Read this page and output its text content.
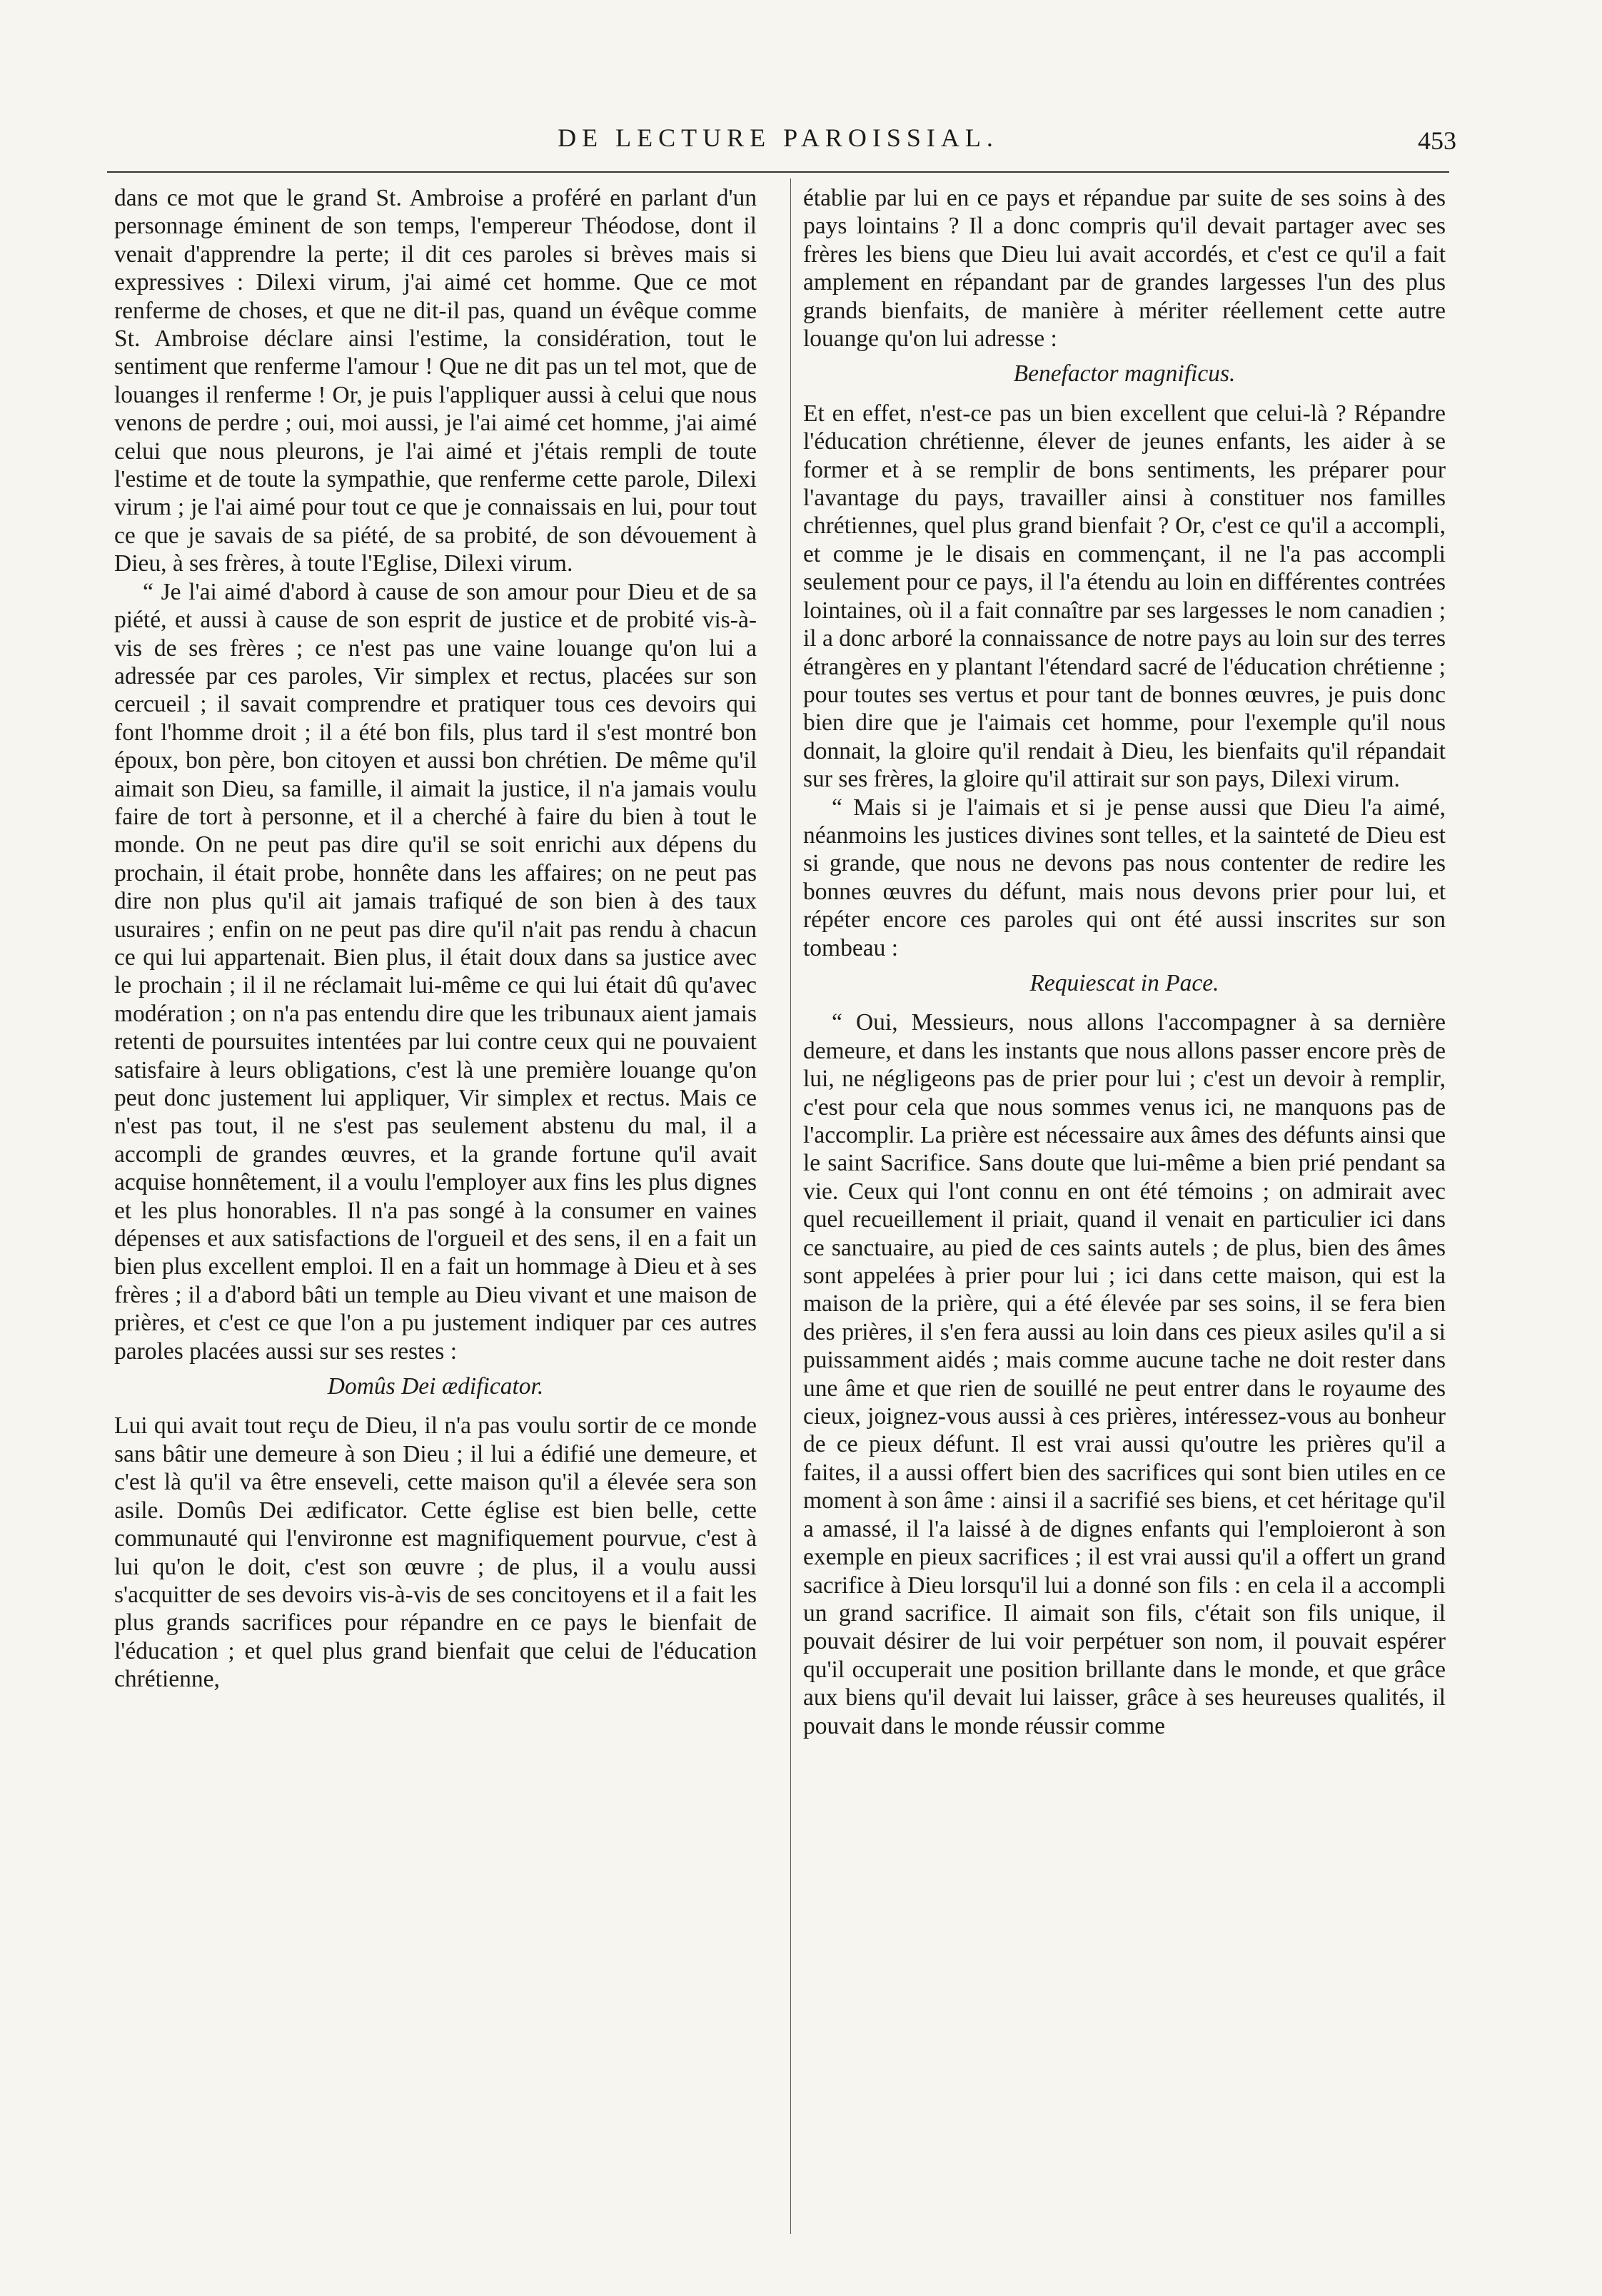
DE LECTURE PAROISSIAL.	453

dans ce mot que le grand St. Ambroise a proféré en parlant d'un personnage éminent de son temps, l'empereur Théodose, dont il venait d'apprendre la perte; il dit ces paroles si brèves mais si expressives : Dilexi virum, j'ai aimé cet homme. Que ce mot renferme de choses, et que ne dit-il pas, quand un évêque comme St. Ambroise déclare ainsi l'estime, la considération, tout le sentiment que renferme l'amour ! Que ne dit pas un tel mot, que de louanges il renferme ! Or, je puis l'appliquer aussi à celui que nous venons de perdre ; oui, moi aussi, je l'ai aimé cet homme, j'ai aimé celui que nous pleurons, je l'ai aimé et j'étais rempli de toute l'estime et de toute la sympathie, que renferme cette parole, Dilexi virum ; je l'ai aimé pour tout ce que je connaissais en lui, pour tout ce que je savais de sa piété, de sa probité, de son dévouement à Dieu, à ses frères, à toute l'Eglise, Dilexi virum.

“ Je l'ai aimé d'abord à cause de son amour pour Dieu et de sa piété, et aussi à cause de son esprit de justice et de probité vis-à-vis de ses frères ; ce n'est pas une vaine louange qu'on lui a adressée par ces paroles, Vir simplex et rectus, placées sur son cercueil ; il savait comprendre et pratiquer tous ces devoirs qui font l'homme droit ; il a été bon fils, plus tard il s'est montré bon époux, bon père, bon citoyen et aussi bon chrétien. De même qu'il aimait son Dieu, sa famille, il aimait la justice, il n'a jamais voulu faire de tort à personne, et il a cherché à faire du bien à tout le monde. On ne peut pas dire qu'il se soit enrichi aux dépens du prochain, il était probe, honnête dans les affaires; on ne peut pas dire non plus qu'il ait jamais trafiqué de son bien à des taux usuraires ; enfin on ne peut pas dire qu'il n'ait pas rendu à chacun ce qui lui appartenait. Bien plus, il était doux dans sa justice avec le prochain ; il il ne réclamait lui-même ce qui lui était dû qu'avec modération ; on n'a pas entendu dire que les tribunaux aient jamais retenti de poursuites intentées par lui contre ceux qui ne pouvaient satisfaire à leurs obligations, c'est là une première louange qu'on peut donc justement lui appliquer, Vir simplex et rectus. Mais ce n'est pas tout, il ne s'est pas seulement abstenu du mal, il a accompli de grandes œuvres, et la grande fortune qu'il avait acquise honnêtement, il a voulu l'employer aux fins les plus dignes et les plus honorables. Il n'a pas songé à la consumer en vaines dépenses et aux satisfactions de l'orgueil et des sens, il en a fait un bien plus excellent emploi. Il en a fait un hommage à Dieu et à ses frères ; il a d'abord bâti un temple au Dieu vivant et une maison de prières, et c'est ce que l'on a pu justement indiquer par ces autres paroles placées aussi sur ses restes :

Domûs Dei ædificator.

Lui qui avait tout reçu de Dieu, il n'a pas voulu sortir de ce monde sans bâtir une demeure à son Dieu ; il lui a édifié une demeure, et c'est là qu'il va être enseveli, cette maison qu'il a élevée sera son asile. Domûs Dei ædificator. Cette église est bien belle, cette communauté qui l'environne est magnifiquement pourvue, c'est à lui qu'on le doit, c'est son œuvre ; de plus, il a voulu aussi s'acquitter de ses devoirs vis-à-vis de ses concitoyens et il a fait les plus grands sacrifices pour répandre en ce pays le bienfait de l'éducation ; et quel plus grand bienfait que celui de l'éducation chrétienne,

établie par lui en ce pays et répandue par suite de ses soins à des pays lointains ? Il a donc compris qu'il devait partager avec ses frères les biens que Dieu lui avait accordés, et c'est ce qu'il a fait amplement en répandant par de grandes largesses l'un des plus grands bienfaits, de manière à mériter réellement cette autre louange qu'on lui adresse :

Benefactor magnificus.

Et en effet, n'est-ce pas un bien excellent que celui-là ? Répandre l'éducation chrétienne, élever de jeunes enfants, les aider à se former et à se remplir de bons sentiments, les préparer pour l'avantage du pays, travailler ainsi à constituer nos familles chrétiennes, quel plus grand bienfait ? Or, c'est ce qu'il a accompli, et comme je le disais en commençant, il ne l'a pas accompli seulement pour ce pays, il l'a étendu au loin en différentes contrées lointaines, où il a fait connaître par ses largesses le nom canadien ; il a donc arboré la connaissance de notre pays au loin sur des terres étrangères en y plantant l'étendard sacré de l'éducation chrétienne ; pour toutes ses vertus et pour tant de bonnes œuvres, je puis donc bien dire que je l'aimais cet homme, pour l'exemple qu'il nous donnait, la gloire qu'il rendait à Dieu, les bienfaits qu'il répandait sur ses frères, la gloire qu'il attirait sur son pays, Dilexi virum.

“ Mais si je l'aimais et si je pense aussi que Dieu l'a aimé, néanmoins les justices divines sont telles, et la sainteté de Dieu est si grande, que nous ne devons pas nous contenter de redire les bonnes œuvres du défunt, mais nous devons prier pour lui, et répéter encore ces paroles qui ont été aussi inscrites sur son tombeau :

Requiescat in Pace.

“ Oui, Messieurs, nous allons l'accompagner à sa dernière demeure, et dans les instants que nous allons passer encore près de lui, ne négligeons pas de prier pour lui ; c'est un devoir à remplir, c'est pour cela que nous sommes venus ici, ne manquons pas de l'accomplir. La prière est nécessaire aux âmes des défunts ainsi que le saint Sacrifice. Sans doute que lui-même a bien prié pendant sa vie. Ceux qui l'ont connu en ont été témoins ; on admirait avec quel recueillement il priait, quand il venait en particulier ici dans ce sanctuaire, au pied de ces saints autels ; de plus, bien des âmes sont appelées à prier pour lui ; ici dans cette maison, qui est la maison de la prière, qui a été élevée par ses soins, il se fera bien des prières, il s'en fera aussi au loin dans ces pieux asiles qu'il a si puissamment aidés ; mais comme aucune tache ne doit rester dans une âme et que rien de souillé ne peut entrer dans le royaume des cieux, joignez-vous aussi à ces prières, intéressez-vous au bonheur de ce pieux défunt. Il est vrai aussi qu'outre les prières qu'il a faites, il a aussi offert bien des sacrifices qui sont bien utiles en ce moment à son âme : ainsi il a sacrifié ses biens, et cet héritage qu'il a amassé, il l'a laissé à de dignes enfants qui l'emploieront à son exemple en pieux sacrifices ; il est vrai aussi qu'il a offert un grand sacrifice à Dieu lorsqu'il lui a donné son fils : en cela il a accompli un grand sacrifice. Il aimait son fils, c'était son fils unique, il pouvait désirer de lui voir perpétuer son nom, il pouvait espérer qu'il occuperait une position brillante dans le monde, et que grâce aux biens qu'il devait lui laisser, grâce à ses heureuses qualités, il pouvait dans le monde réussir comme
